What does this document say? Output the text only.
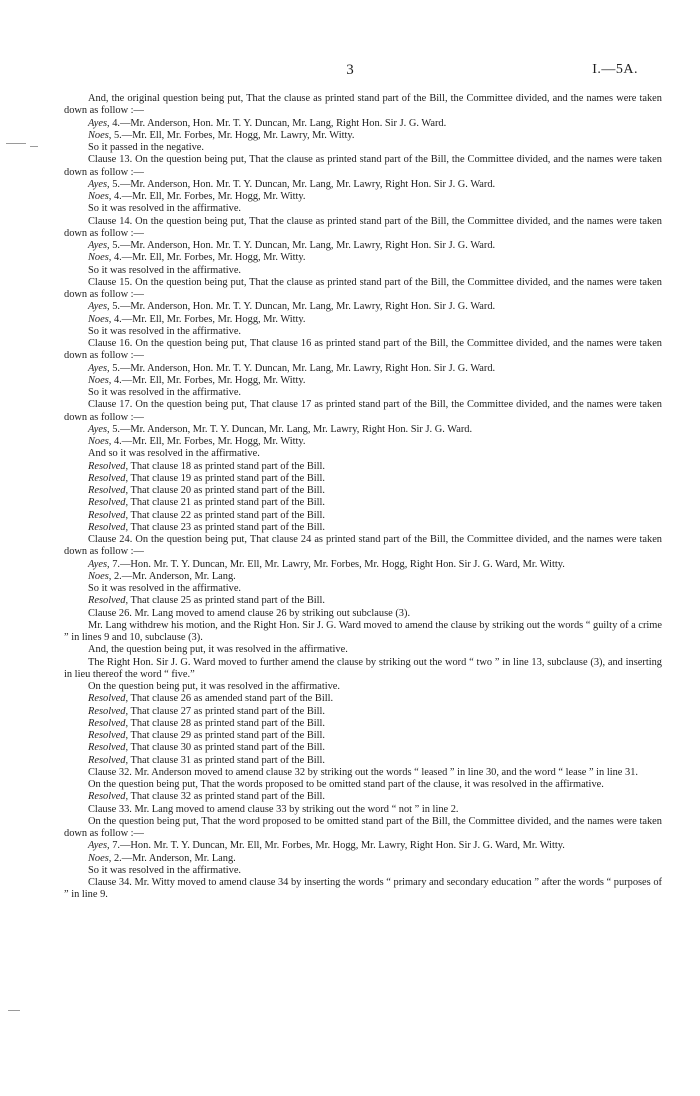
3	I.—5A.

And, the original question being put, That the clause as printed stand part of the Bill, the Committee divided, and the names were taken down as follow :—

Ayes, 4.—Mr. Anderson, Hon. Mr. T. Y. Duncan, Mr. Lang, Right Hon. Sir J. G. Ward.

Noes, 5.—Mr. Ell, Mr. Forbes, Mr. Hogg, Mr. Lawry, Mr. Witty.

So it passed in the negative.

Clause 13. On the question being put, That the clause as printed stand part of the Bill, the Committee divided, and the names were taken down as follow :—

Ayes, 5.—Mr. Anderson, Hon. Mr. T. Y. Duncan, Mr. Lang, Mr. Lawry, Right Hon. Sir J. G. Ward.

Noes, 4.—Mr. Ell, Mr. Forbes, Mr. Hogg, Mr. Witty.

So it was resolved in the affirmative.

Clause 14. On the question being put, That the clause as printed stand part of the Bill, the Committee divided, and the names were taken down as follow :—

Ayes, 5.—Mr. Anderson, Hon. Mr. T. Y. Duncan, Mr. Lang, Mr. Lawry, Right Hon. Sir J. G. Ward.

Noes, 4.—Mr. Ell, Mr. Forbes, Mr. Hogg, Mr. Witty.

So it was resolved in the affirmative.

Clause 15. On the question being put, That the clause as printed stand part of the Bill, the Committee divided, and the names were taken down as follow :—

Ayes, 5.—Mr. Anderson, Hon. Mr. T. Y. Duncan, Mr. Lang, Mr. Lawry, Right Hon. Sir J. G. Ward.

Noes, 4.—Mr. Ell, Mr. Forbes, Mr. Hogg, Mr. Witty.

So it was resolved in the affirmative.

Clause 16. On the question being put, That clause 16 as printed stand part of the Bill, the Committee divided, and the names were taken down as follow :—

Ayes, 5.—Mr. Anderson, Hon. Mr. T. Y. Duncan, Mr. Lang, Mr. Lawry, Right Hon. Sir J. G. Ward.

Noes, 4.—Mr. Ell, Mr. Forbes, Mr. Hogg, Mr. Witty.

So it was resolved in the affirmative.

Clause 17. On the question being put, That clause 17 as printed stand part of the Bill, the Committee divided, and the names were taken down as follow :—

Ayes, 5.—Mr. Anderson, Mr. T. Y. Duncan, Mr. Lang, Mr. Lawry, Right Hon. Sir J. G. Ward.

Noes, 4.—Mr. Ell, Mr. Forbes, Mr. Hogg, Mr. Witty.

And so it was resolved in the affirmative.

Resolved, That clause 18 as printed stand part of the Bill.

Resolved, That clause 19 as printed stand part of the Bill.

Resolved, That clause 20 as printed stand part of the Bill.

Resolved, That clause 21 as printed stand part of the Bill.

Resolved, That clause 22 as printed stand part of the Bill.

Resolved, That clause 23 as printed stand part of the Bill.

Clause 24. On the question being put, That clause 24 as printed stand part of the Bill, the Committee divided, and the names were taken down as follow :—

Ayes, 7.—Hon. Mr. T. Y. Duncan, Mr. Ell, Mr. Lawry, Mr. Forbes, Mr. Hogg, Right Hon. Sir J. G. Ward, Mr. Witty.

Noes, 2.—Mr. Anderson, Mr. Lang.

So it was resolved in the affirmative.

Resolved, That clause 25 as printed stand part of the Bill.

Clause 26. Mr. Lang moved to amend clause 26 by striking out subclause (3).

Mr. Lang withdrew his motion, and the Right Hon. Sir J. G. Ward moved to amend the clause by striking out the words “ guilty of a crime ” in lines 9 and 10, subclause (3).

And, the question being put, it was resolved in the affirmative.

The Right Hon. Sir J. G. Ward moved to further amend the clause by striking out the word “ two ” in line 13, subclause (3), and inserting in lieu thereof the word “ five.”

On the question being put, it was resolved in the affirmative.

Resolved, That clause 26 as amended stand part of the Bill.

Resolved, That clause 27 as printed stand part of the Bill.

Resolved, That clause 28 as printed stand part of the Bill.

Resolved, That clause 29 as printed stand part of the Bill.

Resolved, That clause 30 as printed stand part of the Bill.

Resolved, That clause 31 as printed stand part of the Bill.

Clause 32. Mr. Anderson moved to amend clause 32 by striking out the words “ leased ” in line 30, and the word “ lease ” in line 31.

On the question being put, That the words proposed to be omitted stand part of the clause, it was resolved in the affirmative.

Resolved, That clause 32 as printed stand part of the Bill.

Clause 33. Mr. Lang moved to amend clause 33 by striking out the word “ not ” in line 2.

On the question being put, That the word proposed to be omitted stand part of the Bill, the Committee divided, and the names were taken down as follow :—

Ayes, 7.—Hon. Mr. T. Y. Duncan, Mr. Ell, Mr. Forbes, Mr. Hogg, Mr. Lawry, Right Hon. Sir J. G. Ward, Mr. Witty.

Noes, 2.—Mr. Anderson, Mr. Lang.

So it was resolved in the affirmative.

Clause 34. Mr. Witty moved to amend clause 34 by inserting the words “ primary and secondary education ” after the words “ purposes of ” in line 9.
